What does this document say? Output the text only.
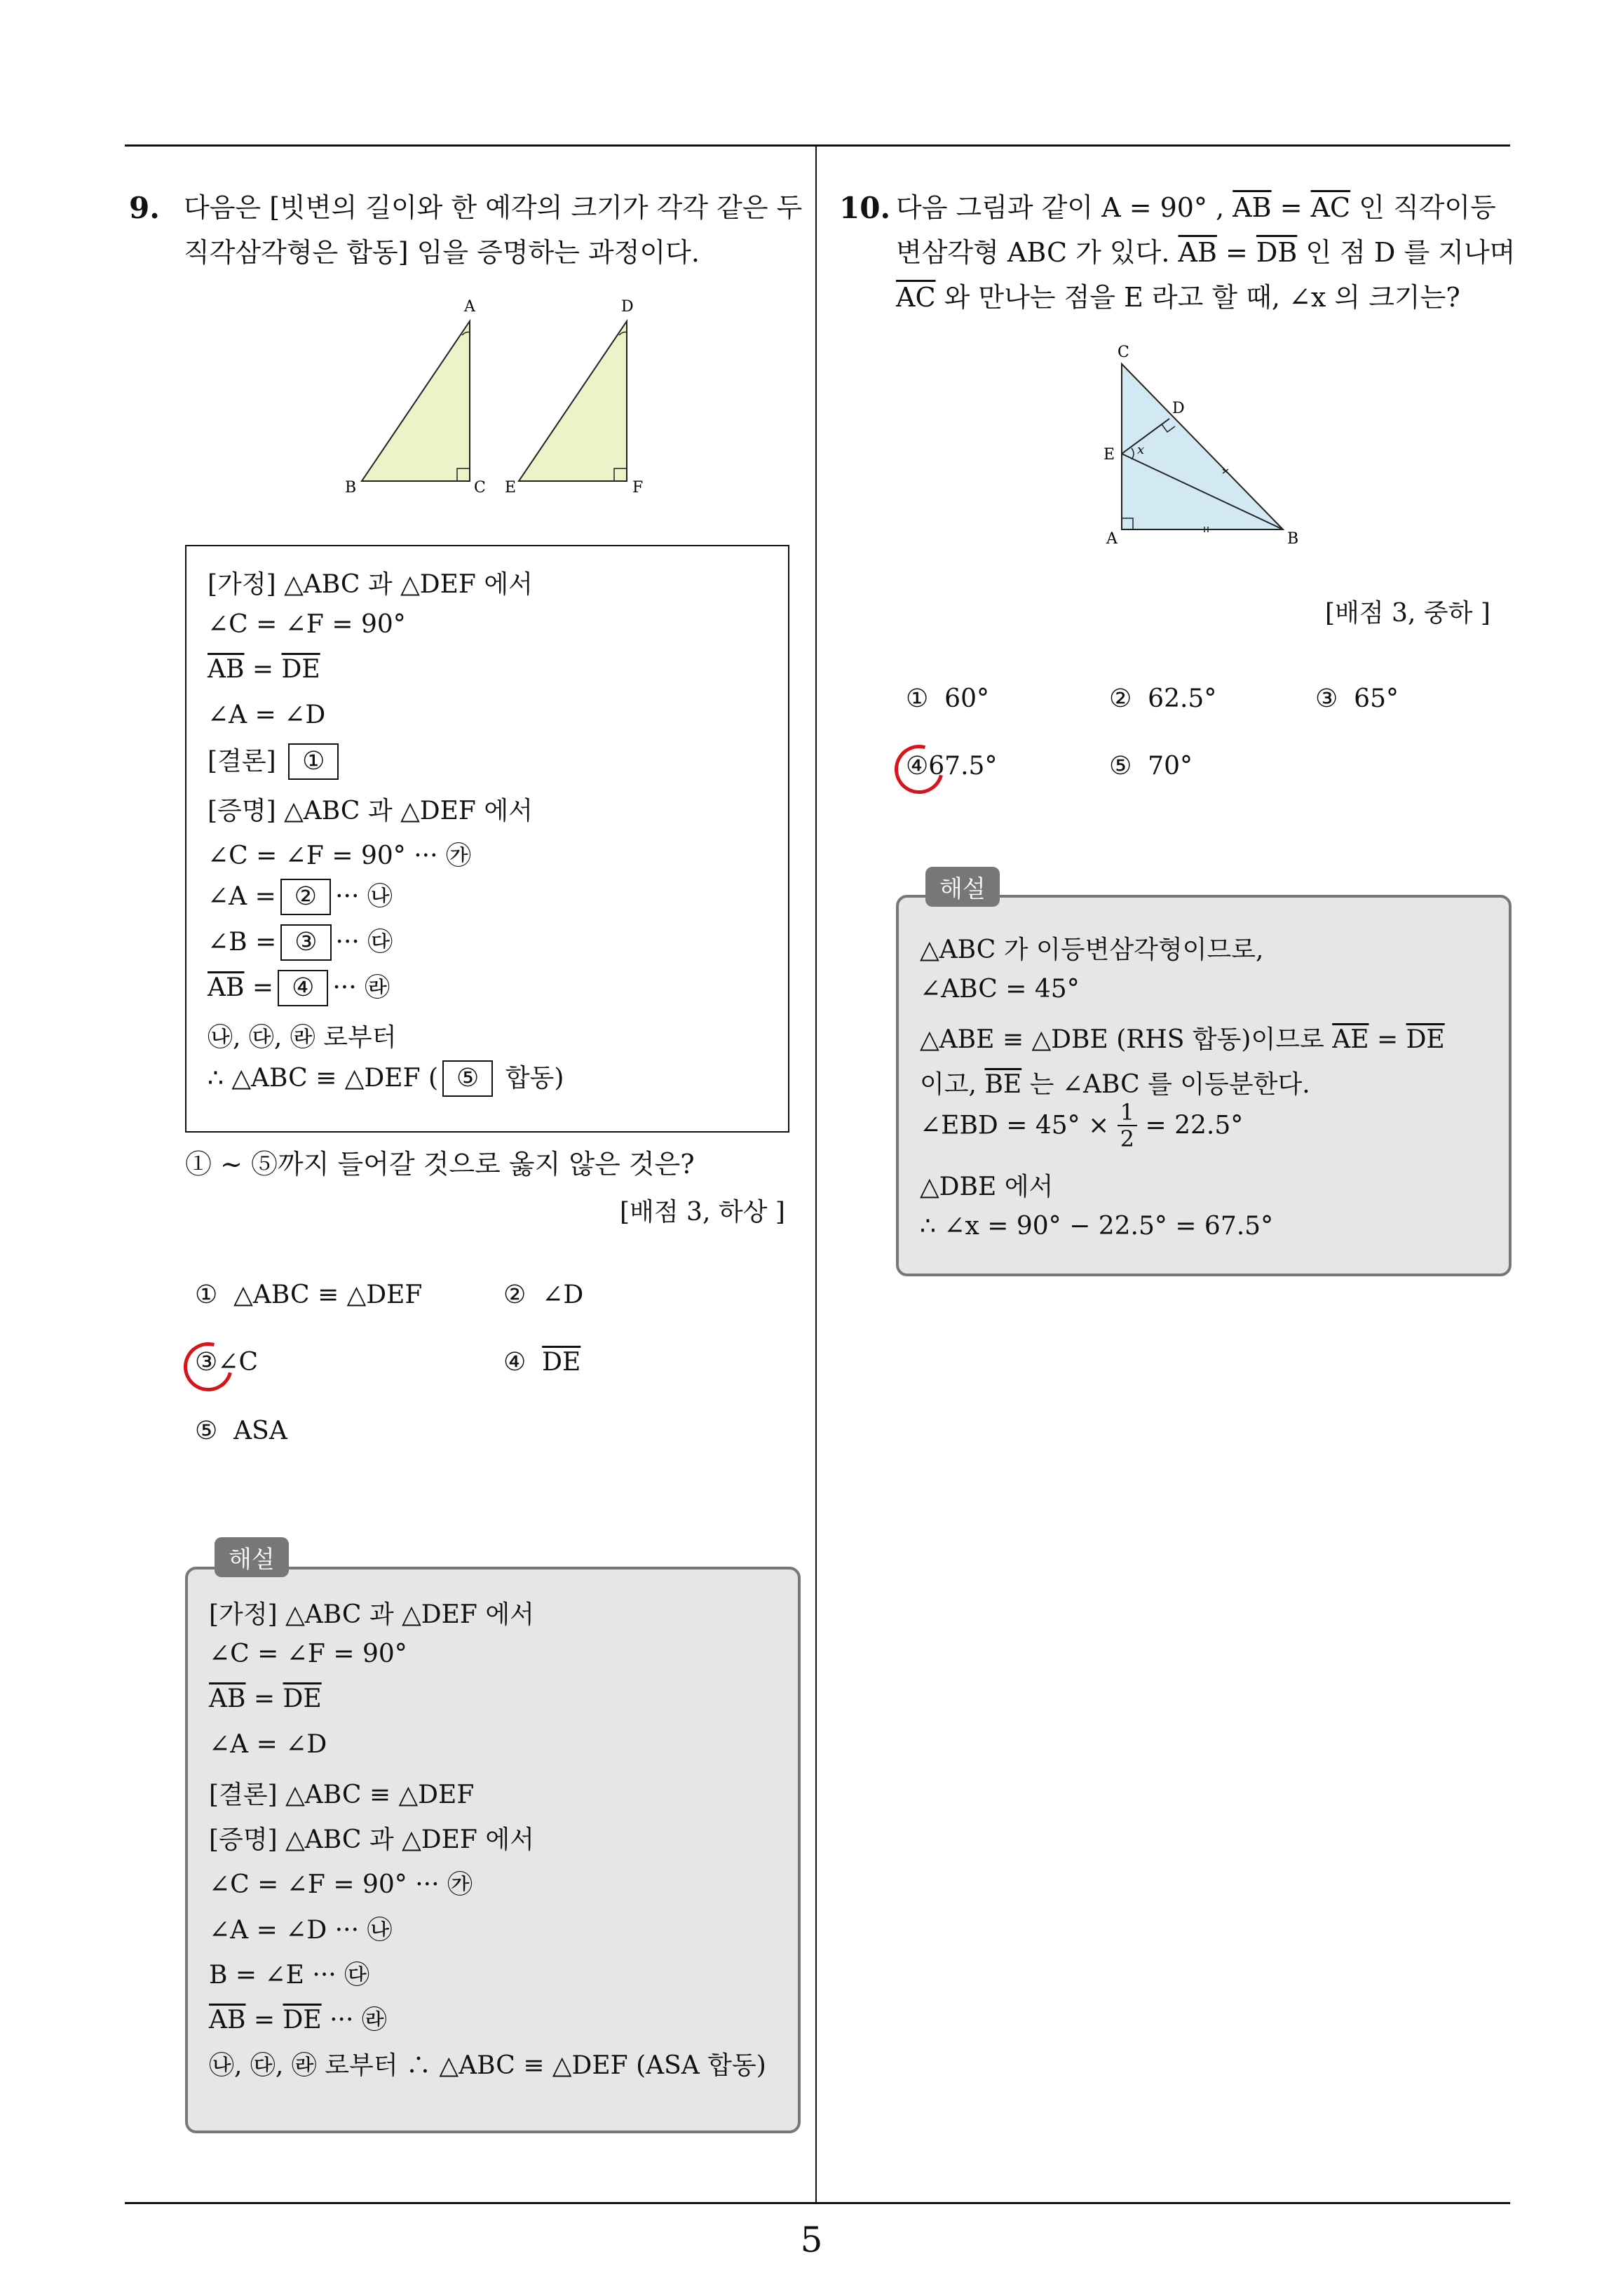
9. 다음은 [빗변의 길이와 한 예각의 크기가 각각 같은 두
직각삼각형은 합동] 임을 증명하는 과정이다.
A
B	C
D
E	F
[가정] △ABC 과 △DEF 에서
∠C = ∠F = 90°
$\overline{AB} = \overline{DE}$
∠A = ∠D
[결론] ①
[증명] △ABC 과 △DEF 에서
∠C = ∠F = 90° ··· ㉮
∠A = ② ··· ㉯
∠B = ③ ··· ㉰
$\overline{AB}$ = ④ ··· ㉱
㉯, ㉰, ㉱ 로부터
∴ △ABC ≡ △DEF ( ⑤ 합동)
① ~ ⑤까지 들어갈 것으로 옳지 않은 것은?
[배점 3, 하상 ]
① △ABC ≡ △DEF	② ∠D
③∠C	④ $\overline{DE}$
⑤ ASA
[가정] △ABC 과 △DEF 에서
∠C = ∠F = 90°
$\overline{AB} = \overline{DE}$
∠A = ∠D
[결론] △ABC ≡ △DEF
[증명] △ABC 과 △DEF 에서
∠C = ∠F = 90° ··· ㉮
∠A = ∠D ··· ㉯
B = ∠E ··· ㉰
$\overline{AB} = \overline{DE}$ ··· ㉱
㉯, ㉰, ㉱ 로부터 ∴ △ABC ≡ △DEF (ASA 합동)
해설
10. 다음 그림과 같이 A = 90° , $\overline{AB} = \overline{AC}$ 인 직각이등
변삼각형 ABC 가 있다. $\overline{AB} = \overline{DB}$ 인 점 D 를 지나며
$\overline{AC}$ 와 만나는 점을 E 라고 할 때, ∠x 의 크기는?
C
D
E x
A	B
[배점 3, 중하 ]
① 60°	② 62.5°	③ 65°
④67.5°	⑤ 70°
△ABC 가 이등변삼각형이므로,
∠ABC = 45°
△ABE ≡ △DBE (RHS 합동)이므로 $\overline{AE} = \overline{DE}$
이고, $\overline{BE}$ 는 ∠ABC 를 이등분한다.
∠EBD = $45^\circ \times \frac{1}{2} = 22.5^\circ$
△DBE 에서
∴ ∠x = 90° − 22.5° = 67.5°
해설
5
